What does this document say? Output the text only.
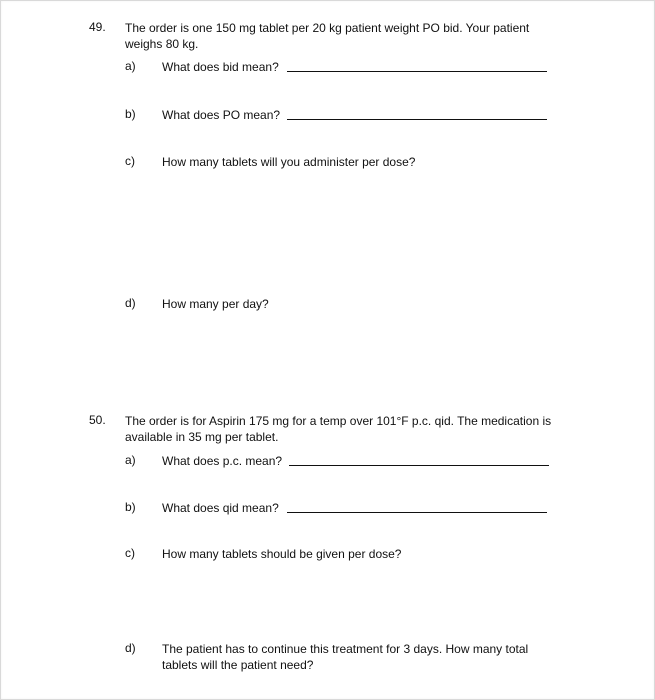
49. The order is one 150 mg tablet per 20 kg patient weight PO bid. Your patient weighs 80 kg.
a) What does bid mean?
b) What does PO mean?
c) How many tablets will you administer per dose?
d) How many per day?
50. The order is for Aspirin 175 mg for a temp over 101°F p.c. qid. The medication is available in 35 mg per tablet.
a) What does p.c. mean?
b) What does qid mean?
c) How many tablets should be given per dose?
d) The patient has to continue this treatment for 3 days. How many total tablets will the patient need?
